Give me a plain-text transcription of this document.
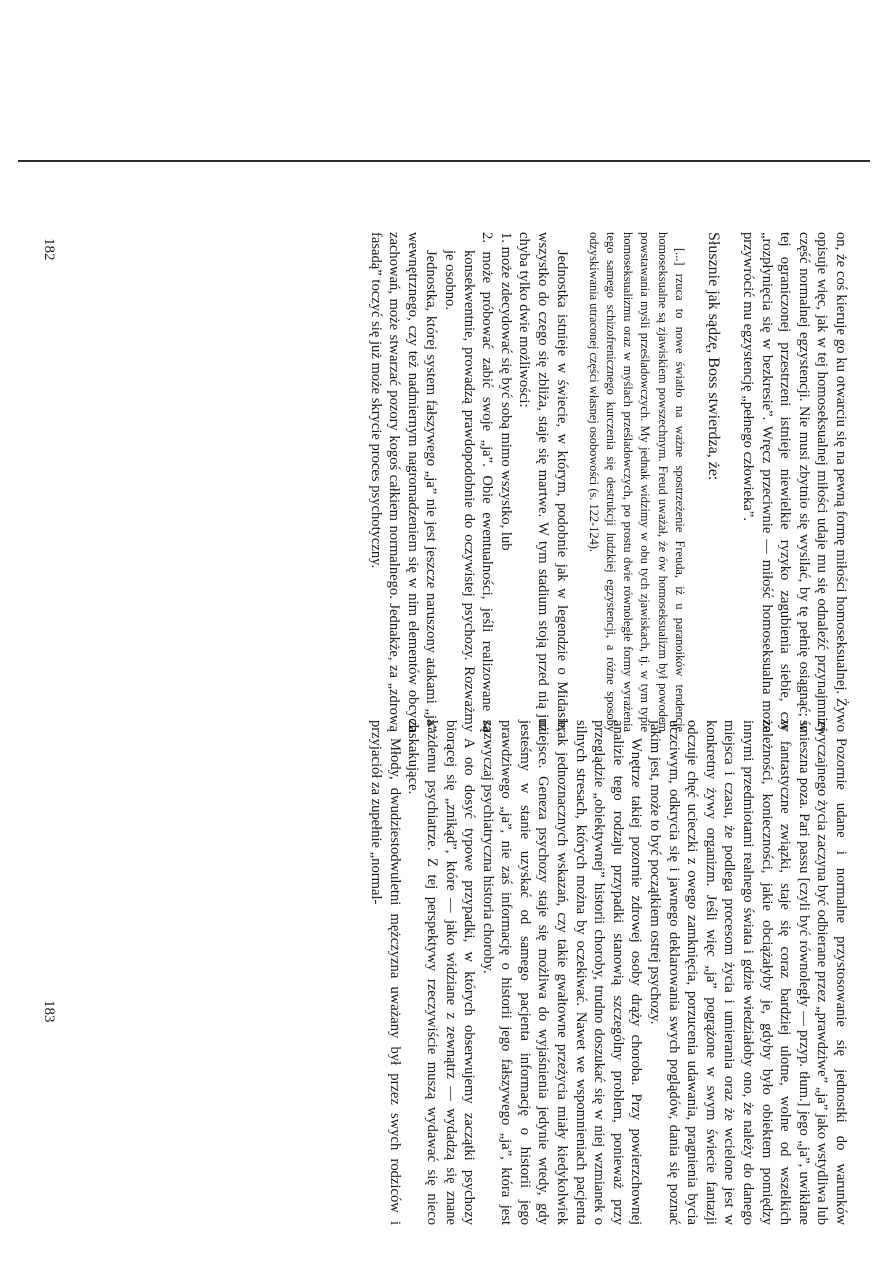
on, że coś kieruje go ku otwarciu się na pewną formę miłości homoseksualnej. Żywo opisuje więc, jak w tej homoseksualnej miłości udaje mu się odnaleźć przynajmniej część normalnej egzystencji. Nie musi zbytnio się wysilać, by tę pełnię osiągnąć; w tej ograniczonej przestrzeni istnieje niewielkie ryzyko zagubienia siebie, czy „rozpłynięcia się w bezkresie”. Wręcz przeciwnie — miłość homoseksualna może przywrócić mu egzystencję „pełnego człowieka”.

Słusznie jak sądzę, Boss stwierdza, że:

[...] rzuca to nowe światło na ważne spostrzeżenie Freuda, iż u paranoików tendencje homoseksualne są zjawiskiem powszechnym. Freud uważał, że ów homoseksualizm był powodem powstawania myśli prześladowczych. My jednak widzimy w obu tych zjawiskach, tj. w tym typie homoseksualizmu oraz w myślach prześladowczych, po prostu dwie równoległe formy wyrażenia tego samego schizofrenicznego kurczenia się destrukcji ludzkiej egzystencji, a różne sposoby odzyskiwania utraconej części własnej osobowości (s. 122-124).

Jednostka istnieje w świecie, w którym, podobnie jak w legendzie o Midasie, wszystko do czego się zbliża, staje się martwe. W tym stadium stoją przed nią już chyba tylko dwie możliwości:

1. może zdecydować się być sobą mimo wszystko, lub
2. może próbować zabić swoje „ja”. Obie ewentualności, jeśli realizowane są konsekwentnie, prowadzą prawdopodobnie do oczywistej psychozy. Rozważmy je osobno.

Jednostka, której system fałszywego „ja” nie jest jeszcze naruszony atakami „ja” wewnętrznego, czy też nadmiernym nagromadzeniem się w nim elementów obcych zachowań, może stwarzać pozory kogoś całkiem normalnego. Jednakże, za „zdrową fasadą” toczyć się już może skrycie proces psychotyczny.

182

Pozornie udane i normalne przystosowanie się jednostki do warunków zwyczajnego życia zaczyna być odbierane przez „prawdziwe” „ja” jako wstydliwa lub śmieszna poza. Pari passu [czyli być równoległy — przyp. tłum.] jego „ja”, uwikłane w fantastyczne związki, staje się coraz bardziej ulotne, wolne od wszelkich zależności, konieczności, jakie obciążałyby je, gdyby było obiektem pomiędzy innymi przedmiotami realnego świata i gdzie wiedziałoby ono, że należy do danego miejsca i czasu, że podlega procesom życia i umierania oraz że wcielone jest w konkretny żywy organizm. Jeśli więc „ja” pogrążone w swym świecie fantazji odczuje chęć ucieczki z owego zamknięcia, porzucenia udawania, pragnienia bycia uczciwym, odkrycia się i jawnego deklarowania swych poglądów, dania się poznać jakim jest, może to być początkiem ostrej psychozy.

Wnętrze takiej pozornie zdrowej osoby drąży choroba. Przy powierzchownej analizie tego rodzaju przypadki stanowią szczególny problem, ponieważ przy przeglądzie „obiektywnej” historii choroby, trudno doszukać się w niej wzmianek o silnych stresach, których można by oczekiwać. Nawet we wspomnieniach pacjenta brak jednoznacznych wskazań, czy takie gwałtowne przeżycia miały kiedykolwiek miejsce. Geneza psychozy staje się możliwa do wyjaśnienia jedynie wtedy, gdy jesteśmy w stanie uzyskać od samego pacjenta informację o historii jego prawdziwego „ja”, nie zaś informację o historii jego fałszywego „ja”, która jest zazwyczaj psychiatryczna historia choroby.

A oto dosyć typowe przypadki, w których obserwujemy zaczątki psychozy biorącej się „znikąd”, które — jako widziane z zewnątrz — wydadzą się znane każdemu psychiatrze. Z tej perspektywy rzeczywiście muszą wydawać się nieco zaskakujące.

Młody, dwudziestodwuletni mężczyzna uważany był przez swych rodziców i przyjaciół za zupełnie „normal-

183
